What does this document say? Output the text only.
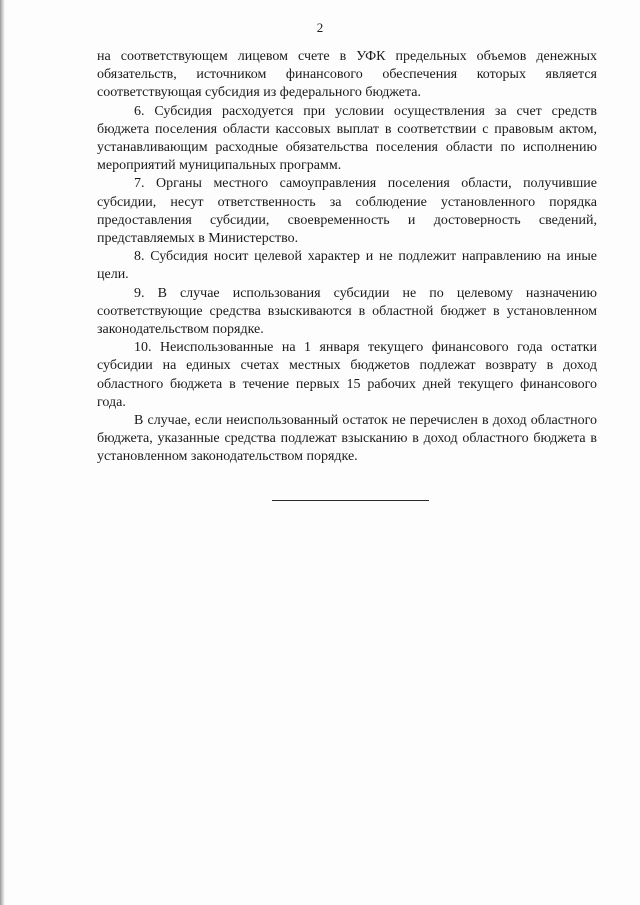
2

на соответствующем лицевом счете в УФК предельных объемов денежных обязательств, источником финансового обеспечения которых является соответствующая субсидия из федерального бюджета.

6. Субсидия расходуется при условии осуществления за счет средств бюджета поселения области кассовых выплат в соответствии с правовым актом, устанавливающим расходные обязательства поселения области по исполнению мероприятий муниципальных программ.

7. Органы местного самоуправления поселения области, получившие субсидии, несут ответственность за соблюдение установленного порядка предоставления субсидии, своевременность и достоверность сведений, представляемых в Министерство.

8. Субсидия носит целевой характер и не подлежит направлению на иные цели.

9. В случае использования субсидии не по целевому назначению соответствующие средства взыскиваются в областной бюджет в установленном законодательством порядке.

10. Неиспользованные на 1 января текущего финансового года остатки субсидии на единых счетах местных бюджетов подлежат возврату в доход областного бюджета в течение первых 15 рабочих дней текущего финансового года.

В случае, если неиспользованный остаток не перечислен в доход областного бюджета, указанные средства подлежат взысканию в доход областного бюджета в установленном законодательством порядке.
